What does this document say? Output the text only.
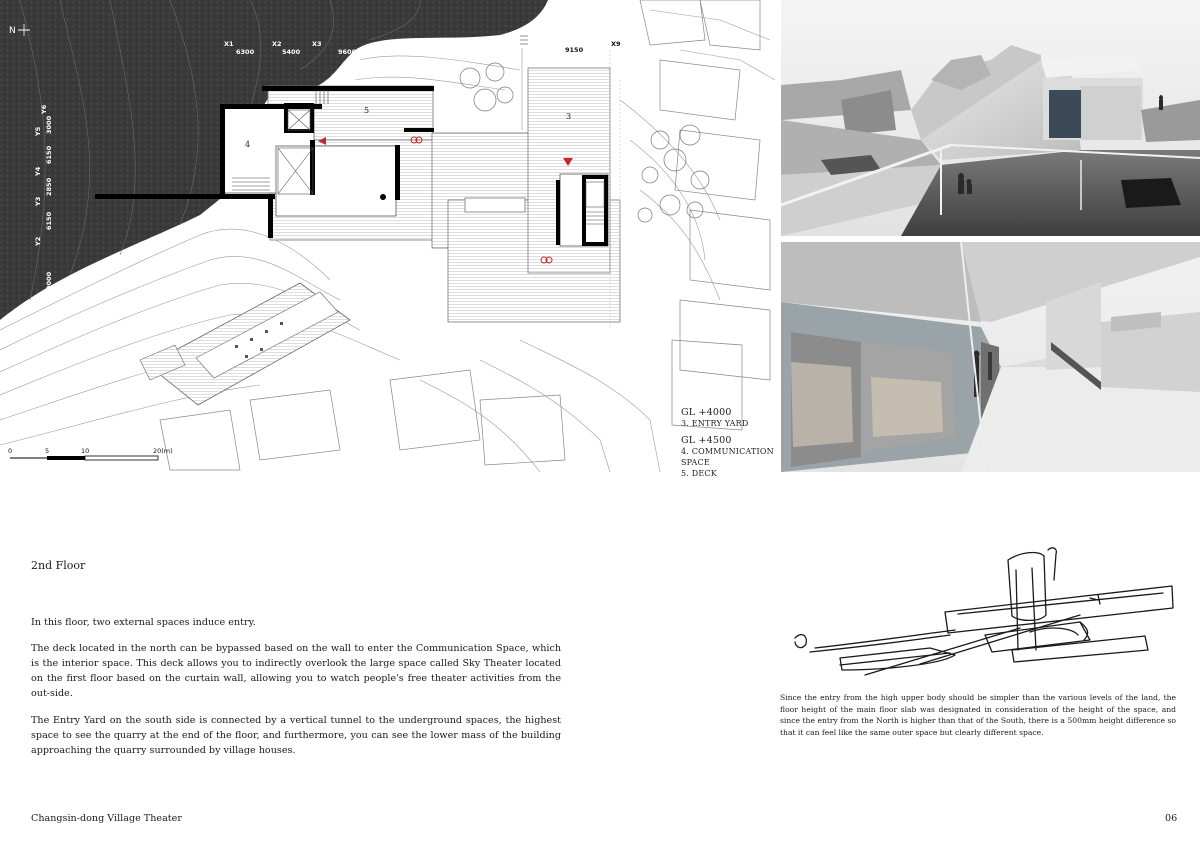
3
4
5
N
X1	X2	X3
6300	5400	9600
X9
9150
Y6
Y5
Y4
Y3
Y2
Y1
3000
6150
2850
6150
9000
0	5	10	20(m)
GL +4000
3. ENTRY YARD
GL +4500
4. COMMUNICATION SPACE
5. DECK
2nd Floor

In this floor, two external spaces induce entry.

The deck located in the north can be bypassed based on the wall to enter the Communication Space, which is the interior space. This deck allows you to indirectly overlook the large space called Sky Theater located on the first floor based on the curtain wall, allowing you to watch people's free theater activities from the out-side.

The Entry Yard on the south side is connected by a vertical tunnel to the underground spaces, the highest space to see the quarry at the end of the floor, and furthermore, you can see the lower mass of the building approaching the quarry surrounded by village houses.

Since the entry from the high upper body should be simpler than the various levels of the land, the floor height of the main floor slab was designated in consideration of the height of the space, and since the entry from the North is higher than that of the South, there is a 500mm height difference so that it can feel like the same outer space but clearly different space.

Changsin-dong Village Theater	06
